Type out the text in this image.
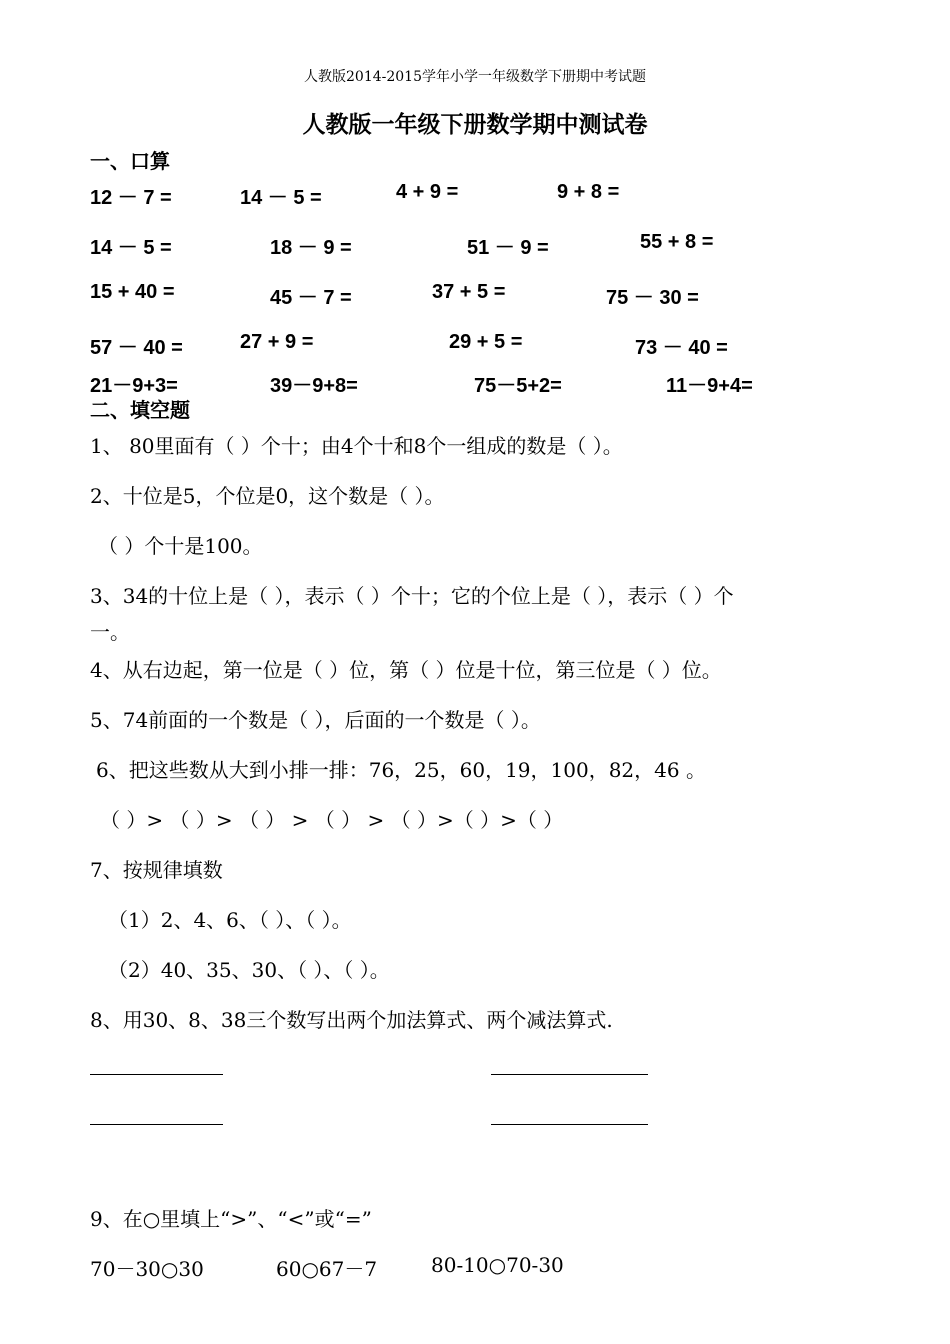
人教版2014-2015学年小学一年级数学下册期中考试题
人教版一年级下册数学期中测试卷
一、口算
12 － 7 =	14 － 5 =	4 + 9 =	9 + 8 =
14 － 5 =	18 － 9 =	51 － 9 =	55 + 8 =
15 + 40 =	45 － 7 =	37 + 5 =	75 － 30 =
57 － 40 =	27 + 9 =	29 + 5 =	73 － 40 =
21－9+3=	39－9+8=	75－5+2=	11－9+4=
二、填空题
1、 80里面有（ ）个十；由4个十和8个一组成的数是（ ）。
2、十位是5，个位是0，这个数是（ ）。
（ ）个十是100。
3、34的十位上是（ ），表示（ ）个十；它的个位上是（ ），表示（ ）个
一。
4、从右边起，第一位是（ ）位，第（ ）位是十位，第三位是（ ）位。
5、74前面的一个数是（ ），后面的一个数是（ ）。
6、把这些数从大到小排一排：76，25，60，19，100，82，46 。
（ ）> （ ）> （ ） > （ ） > （ ）>（ ）>（ ）
7、按规律填数
（1）2、4、6、（ ）、（ ）。
（2）40、35、30、（ ）、（ ）。
8、用30、8、38三个数写出两个加法算式、两个减法算式.
9、在○里填上“>”、“<”或“=”
70－30○30	60○67－7	80-10○70-30
